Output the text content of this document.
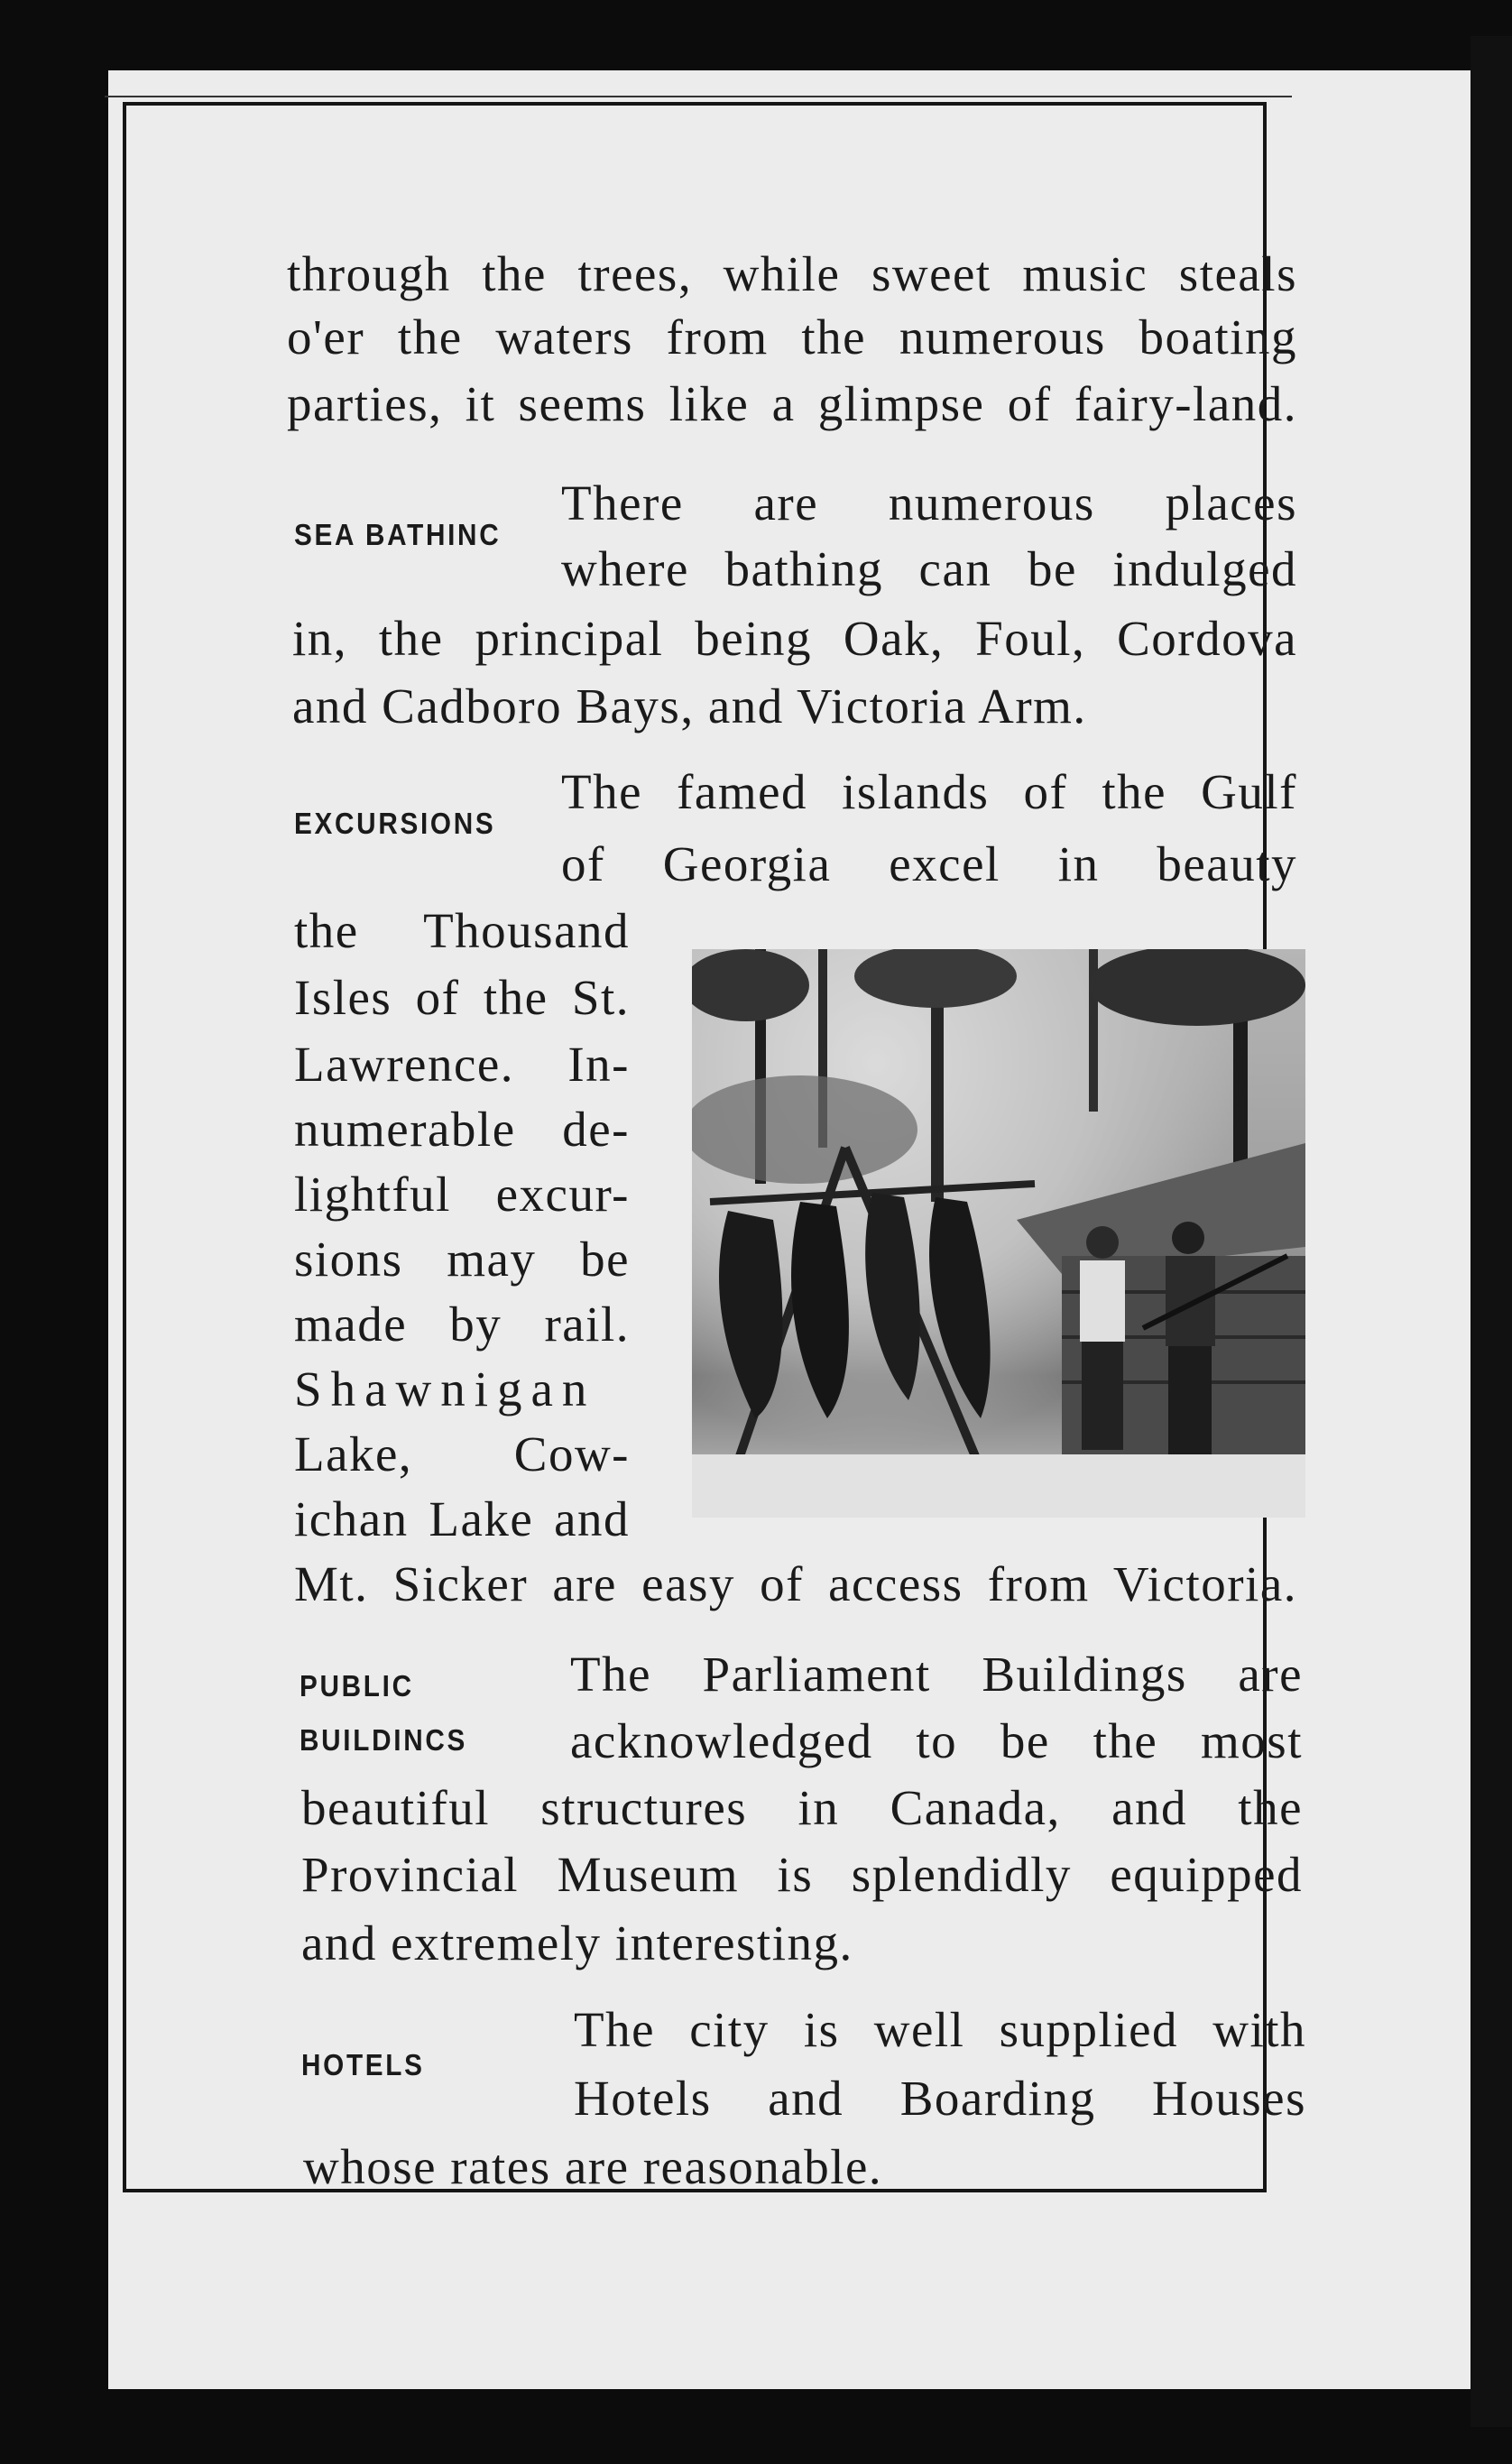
through the trees, while sweet music steals
o'er the waters from the numerous boating
parties, it seems like a glimpse of fairy-land.
SEA BATHINC
There are numerous places
where bathing can be indulged
in, the principal being Oak, Foul, Cordova
and Cadboro Bays, and Victoria Arm.
EXCURSIONS
The famed islands of the Gulf
of Georgia excel in beauty
the Thousand
Isles of the St.
Lawrence. In-
numerable de-
lightful excur-
sions may be
made by rail.
Shawnigan
Lake, Cow-
ichan Lake and
Mt. Sicker are easy of access from Victoria.
PUBLIC
BUILDINCS
The Parliament Buildings are
acknowledged to be the most
beautiful structures in Canada, and the
Provincial Museum is splendidly equipped
and extremely interesting.
HOTELS
The city is well supplied with
Hotels and Boarding Houses
whose rates are reasonable.
